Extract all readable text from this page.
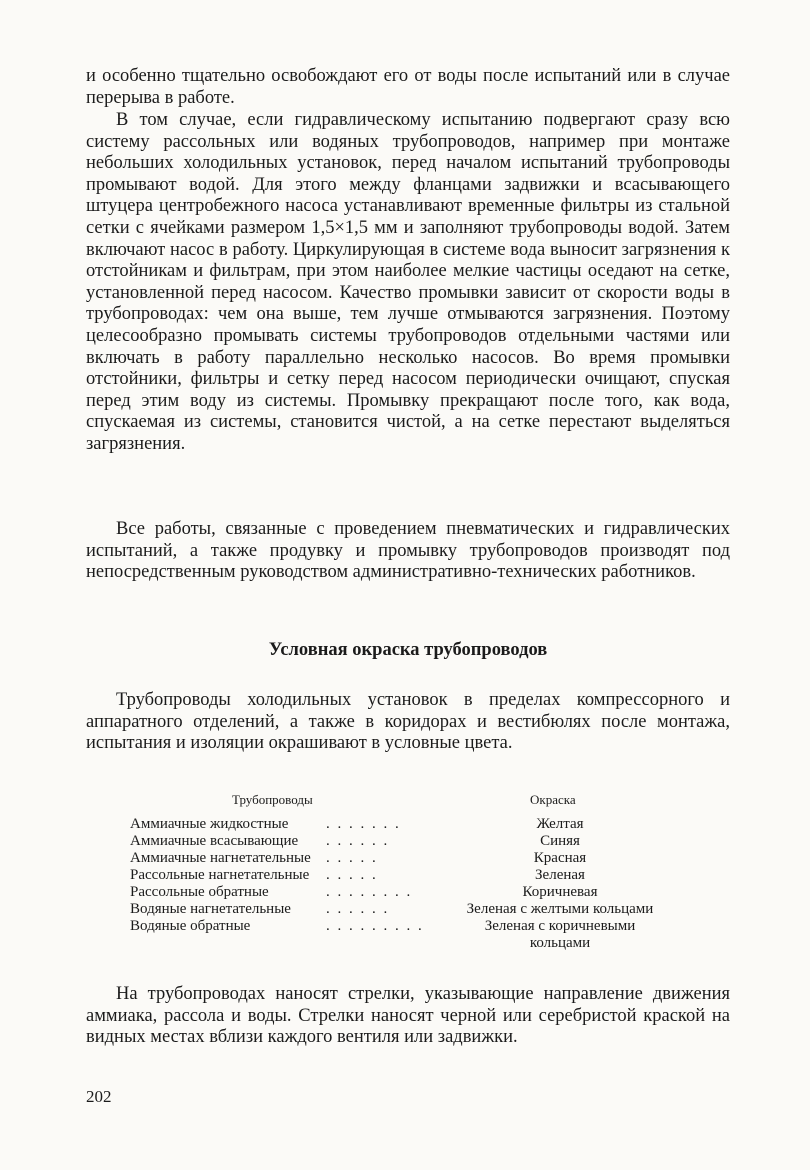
и особенно тщательно освобождают его от воды после испытаний или в случае перерыва в работе.

В том случае, если гидравлическому испытанию подвергают сразу всю систему рассольных или водяных трубопроводов, например при монтаже небольших холодильных установок, перед началом испытаний трубопроводы промывают водой. Для этого между фланцами задвижки и всасывающего штуцера центробежного насоса устанавливают временные фильтры из стальной сетки с ячейками размером 1,5×1,5 мм и заполняют трубопроводы водой. Затем включают насос в работу. Циркулирующая в системе вода выносит загрязнения к отстойникам и фильтрам, при этом наиболее мелкие частицы оседают на сетке, установленной перед насосом. Качество промывки зависит от скорости воды в трубопроводах: чем она выше, тем лучше отмываются загрязнения. Поэтому целесообразно промывать системы трубопроводов отдельными частями или включать в работу параллельно несколько насосов. Во время промывки отстойники, фильтры и сетку перед насосом периодически очищают, спуская перед этим воду из системы. Промывку прекращают после того, как вода, спускаемая из системы, становится чистой, а на сетке перестают выделяться загрязнения.

Все работы, связанные с проведением пневматических и гидравлических испытаний, а также продувку и промывку трубопроводов производят под непосредственным руководством административно-технических работников.

Условная окраска трубопроводов

Трубопроводы холодильных установок в пределах компрессорного и аппаратного отделений, а также в коридорах и вестибюлях после монтажа, испытания и изоляции окрашивают в условные цвета.

Трубопроводы	Окраска
Аммиачные жидкостные	. . . . . . .	Желтая
Аммиачные всасывающие . . . . . .	Синяя
Аммиачные нагнетательные . . . . .	Красная
Рассольные нагнетательные . . . . .	Зеленая
Рассольные обратные	. . . . . . . .	Коричневая
Водяные нагнетательные . . . . . .	Зеленая с желтыми кольцами
Водяные обратные	. . . . . . . . .	Зеленая с коричневыми
кольцами

На трубопроводах наносят стрелки, указывающие направление движения аммиака, рассола и воды. Стрелки наносят черной или серебристой краской на видных местах вблизи каждого вентиля или задвижки.

202
